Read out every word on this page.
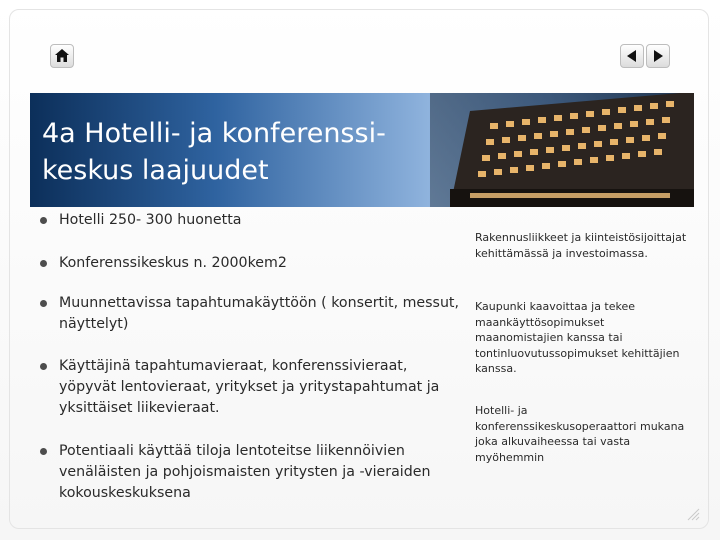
4a Hotelli- ja konferenssi-
keskus laajuudet
Hotelli 250- 300 huonetta
Konferenssikeskus n. 2000kem2
Muunnettavissa tapahtumakäyttöön ( konsertit, messut, näyttelyt)
Käyttäjinä tapahtumavieraat, konferenssivieraat, yöpyvät lentovieraat, yritykset ja yritystapahtumat ja yksittäiset liikevieraat.
Potentiaali käyttää tiloja lentoteitse liikennöivien venäläisten ja pohjoismaisten yritysten ja -vieraiden kokouskeskuksena

Rakennusliikkeet ja kiinteistösijoittajat kehittämässä ja investoimassa.

Kaupunki kaavoittaa ja tekee maankäyttösopimukset maanomistajien kanssa tai tontinluovutussopimukset kehittäjien kanssa.

Hotelli- ja konferenssikeskusoperaattori mukana joka alkuvaiheessa tai vasta myöhemmin
